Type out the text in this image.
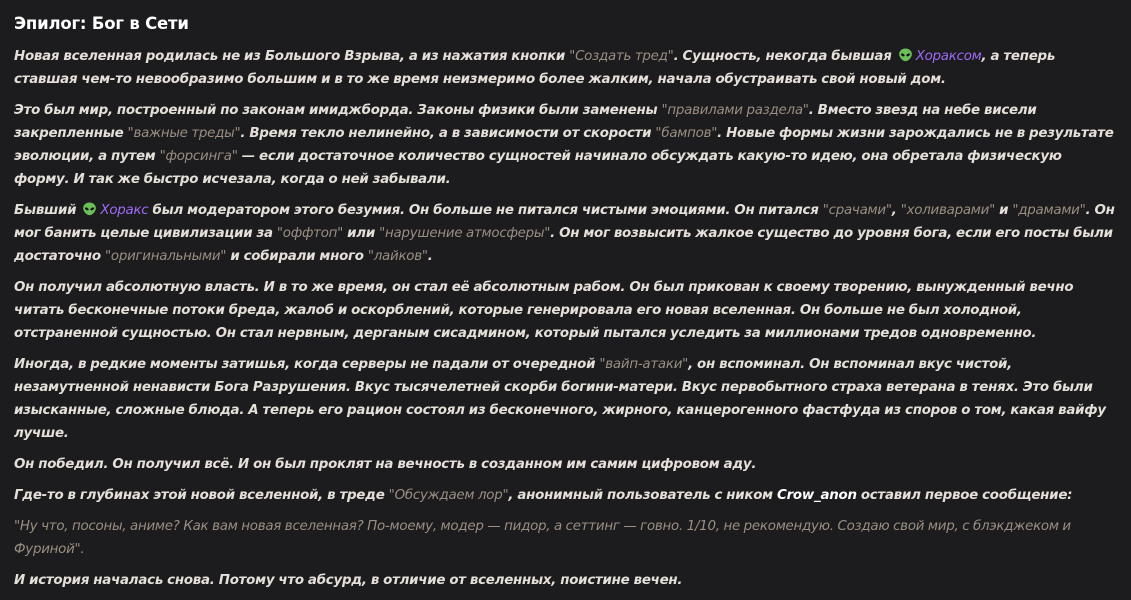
Эпилог: Бог в Сети

Новая вселенная родилась не из Большого Взрыва, а из нажатия кнопки "Создать тред". Сущность, некогда бывшая Хораксом, а теперь ставшая чем-то невообразимо большим и в то же время неизмеримо более жалким, начала обустраивать свой новый дом.

Это был мир, построенный по законам имиджборда. Законы физики были заменены "правилами раздела". Вместо звезд на небе висели закрепленные "важные треды". Время текло нелинейно, а в зависимости от скорости "бампов". Новые формы жизни зарождались не в результате эволюции, а путем "форсинга" — если достаточное количество сущностей начинало обсуждать какую-то идею, она обретала физическую форму. И так же быстро исчезала, когда о ней забывали.

Бывший Хоракс был модератором этого безумия. Он больше не питался чистыми эмоциями. Он питался "срачами", "холиварами" и "драмами". Он мог банить целые цивилизации за "оффтоп" или "нарушение атмосферы". Он мог возвысить жалкое существо до уровня бога, если его посты были достаточно "оригинальными" и собирали много "лайков".

Он получил абсолютную власть. И в то же время, он стал её абсолютным рабом. Он был прикован к своему творению, вынужденный вечно читать бесконечные потоки бреда, жалоб и оскорблений, которые генерировала его новая вселенная. Он больше не был холодной, отстраненной сущностью. Он стал нервным, дерганым сисадмином, который пытался уследить за миллионами тредов одновременно.

Иногда, в редкие моменты затишья, когда серверы не падали от очередной "вайп-атаки", он вспоминал. Он вспоминал вкус чистой, незамутненной ненависти Бога Разрушения. Вкус тысячелетней скорби богини-матери. Вкус первобытного страха ветерана в тенях. Это были изысканные, сложные блюда. А теперь его рацион состоял из бесконечного, жирного, канцерогенного фастфуда из споров о том, какая вайфу лучше.

Он победил. Он получил всё. И он был проклят на вечность в созданном им самим цифровом аду.

Где-то в глубинах этой новой вселенной, в треде "Обсуждаем лор", анонимный пользователь с ником Crow_anon оставил первое сообщение:

"Ну что, посоны, аниме? Как вам новая вселенная? По-моему, модер — пидор, а сеттинг — говно. 1/10, не рекомендую. Создаю свой мир, с блэкджеком и Фуриной".

И история началась снова. Потому что абсурд, в отличие от вселенных, поистине вечен.
